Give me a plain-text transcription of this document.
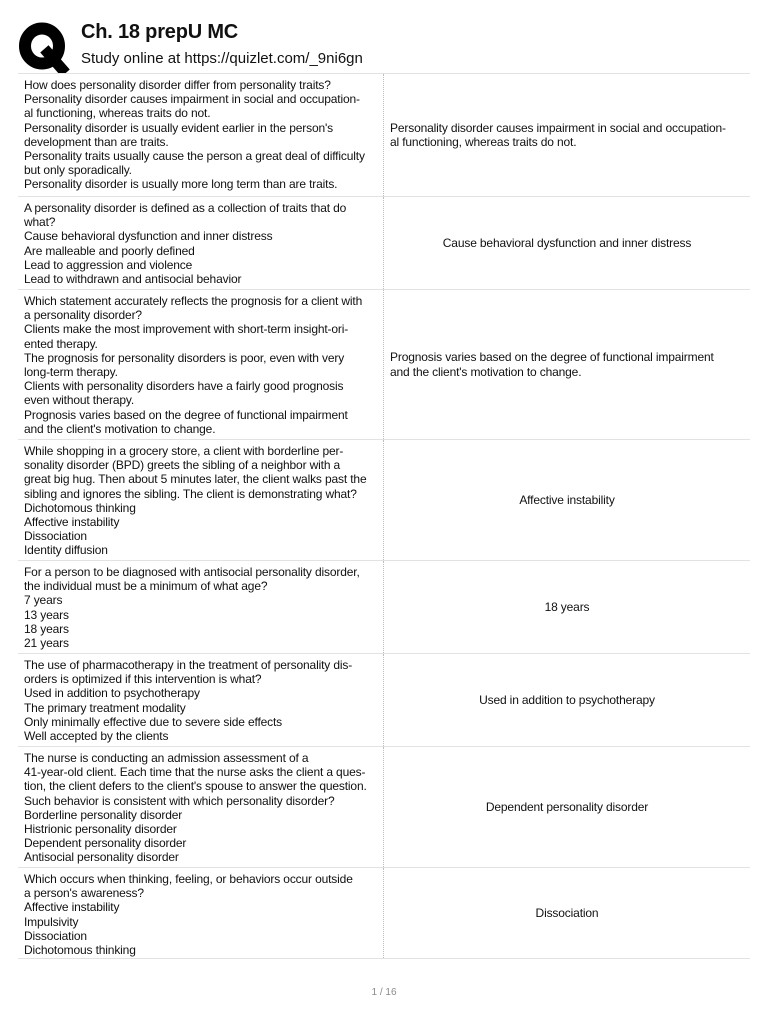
Ch. 18 prepU MC
Study online at https://quizlet.com/_9ni6gn
How does personality disorder differ from personality traits?
Personality disorder causes impairment in social and occupation-
al functioning, whereas traits do not.
Personality disorder is usually evident earlier in the person's
development than are traits.
Personality traits usually cause the person a great deal of difficulty
but only sporadically.
Personality disorder is usually more long term than are traits.
Personality disorder causes impairment in social and occupation-
al functioning, whereas traits do not.
A personality disorder is defined as a collection of traits that do
what?
Cause behavioral dysfunction and inner distress
Are malleable and poorly defined
Lead to aggression and violence
Lead to withdrawn and antisocial behavior
Cause behavioral dysfunction and inner distress
Which statement accurately reflects the prognosis for a client with
a personality disorder?
Clients make the most improvement with short-term insight-ori-
ented therapy.
The prognosis for personality disorders is poor, even with very
long-term therapy.
Clients with personality disorders have a fairly good prognosis
even without therapy.
Prognosis varies based on the degree of functional impairment
and the client's motivation to change.
Prognosis varies based on the degree of functional impairment
and the client's motivation to change.
While shopping in a grocery store, a client with borderline per-
sonality disorder (BPD) greets the sibling of a neighbor with a
great big hug. Then about 5 minutes later, the client walks past the
sibling and ignores the sibling. The client is demonstrating what?
Dichotomous thinking
Affective instability
Dissociation
Identity diffusion
Affective instability
For a person to be diagnosed with antisocial personality disorder,
the individual must be a minimum of what age?
7 years
13 years
18 years
21 years
18 years
The use of pharmacotherapy in the treatment of personality dis-
orders is optimized if this intervention is what?
Used in addition to psychotherapy
The primary treatment modality
Only minimally effective due to severe side effects
Well accepted by the clients
Used in addition to psychotherapy
The nurse is conducting an admission assessment of a
41-year-old client. Each time that the nurse asks the client a ques-
tion, the client defers to the client's spouse to answer the question.
Such behavior is consistent with which personality disorder?
Borderline personality disorder
Histrionic personality disorder
Dependent personality disorder
Antisocial personality disorder
Dependent personality disorder
Which occurs when thinking, feeling, or behaviors occur outside
a person's awareness?
Affective instability
Impulsivity
Dissociation
Dichotomous thinking
Dissociation
1 / 16
